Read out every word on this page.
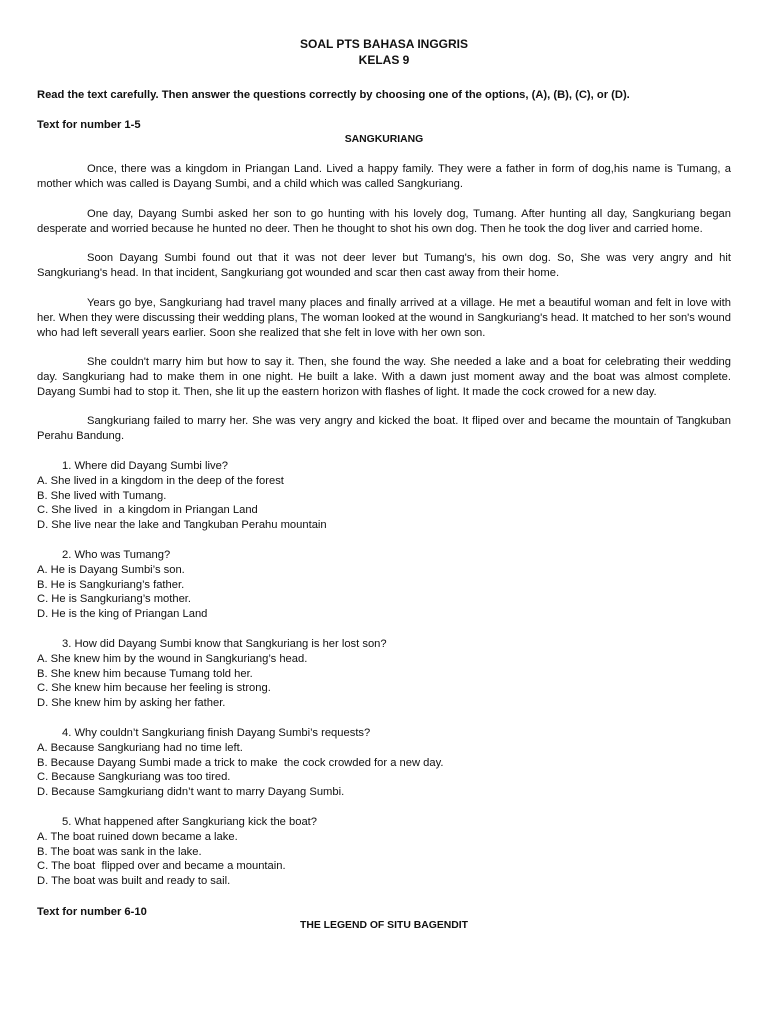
SOAL PTS BAHASA INGGRIS
KELAS 9
Read the text carefully. Then answer the questions correctly by choosing one of the options, (A), (B), (C), or (D).
Text for number 1-5
SANGKURIANG
Once, there was a kingdom in Priangan Land. Lived a happy family. They were a father in form of dog,his name is Tumang, a mother which was called is Dayang Sumbi, and a child which was called Sangkuriang.
One day, Dayang Sumbi asked her son to go hunting with his lovely dog, Tumang. After hunting all day, Sangkuriang began desperate and worried because he hunted no deer. Then he thought to shot his own dog. Then he took the dog liver and carried home.
Soon Dayang Sumbi found out that it was not deer lever but Tumang's, his own dog. So, She was very angry and hit Sangkuriang's head. In that incident, Sangkuriang got wounded and scar then cast away from their home.
Years go bye, Sangkuriang had travel many places and finally arrived at a village. He met a beautiful woman and felt in love with her. When they were discussing their wedding plans, The woman looked at the wound in Sangkuriang's head. It matched to her son's wound who had left severall years earlier. Soon she realized that she felt in love with her own son.
She couldn't marry him but how to say it. Then, she found the way. She needed a lake and a boat for celebrating their wedding day. Sangkuriang had to make them in one night. He built a lake. With a dawn just moment away and the boat was almost complete. Dayang Sumbi had to stop it. Then, she lit up the eastern horizon with flashes of light. It made the cock crowed for a new day.
Sangkuriang failed to marry her. She was very angry and kicked the boat. It fliped over and became the mountain of Tangkuban Perahu Bandung.
1. Where did Dayang Sumbi live?
A. She lived in a kingdom in the deep of the forest
B. She lived with Tumang.
C. She lived  in  a kingdom in Priangan Land
D. She live near the lake and Tangkuban Perahu mountain
2. Who was Tumang?
A. He is Dayang Sumbi’s son.
B. He is Sangkuriang’s father.
C. He is Sangkuriang’s mother.
D. He is the king of Priangan Land
3. How did Dayang Sumbi know that Sangkuriang is her lost son?
A. She knew him by the wound in Sangkuriang’s head.
B. She knew him because Tumang told her.
C. She knew him because her feeling is strong.
D. She knew him by asking her father.
4. Why couldn’t Sangkuriang finish Dayang Sumbi’s requests?
A. Because Sangkuriang had no time left.
B. Because Dayang Sumbi made a trick to make  the cock crowded for a new day.
C. Because Sangkuriang was too tired.
D. Because Samgkuriang didn’t want to marry Dayang Sumbi.
5. What happened after Sangkuriang kick the boat?
A. The boat ruined down became a lake.
B. The boat was sank in the lake.
C. The boat  flipped over and became a mountain.
D. The boat was built and ready to sail.
Text for number 6-10
THE LEGEND OF SITU BAGENDIT
